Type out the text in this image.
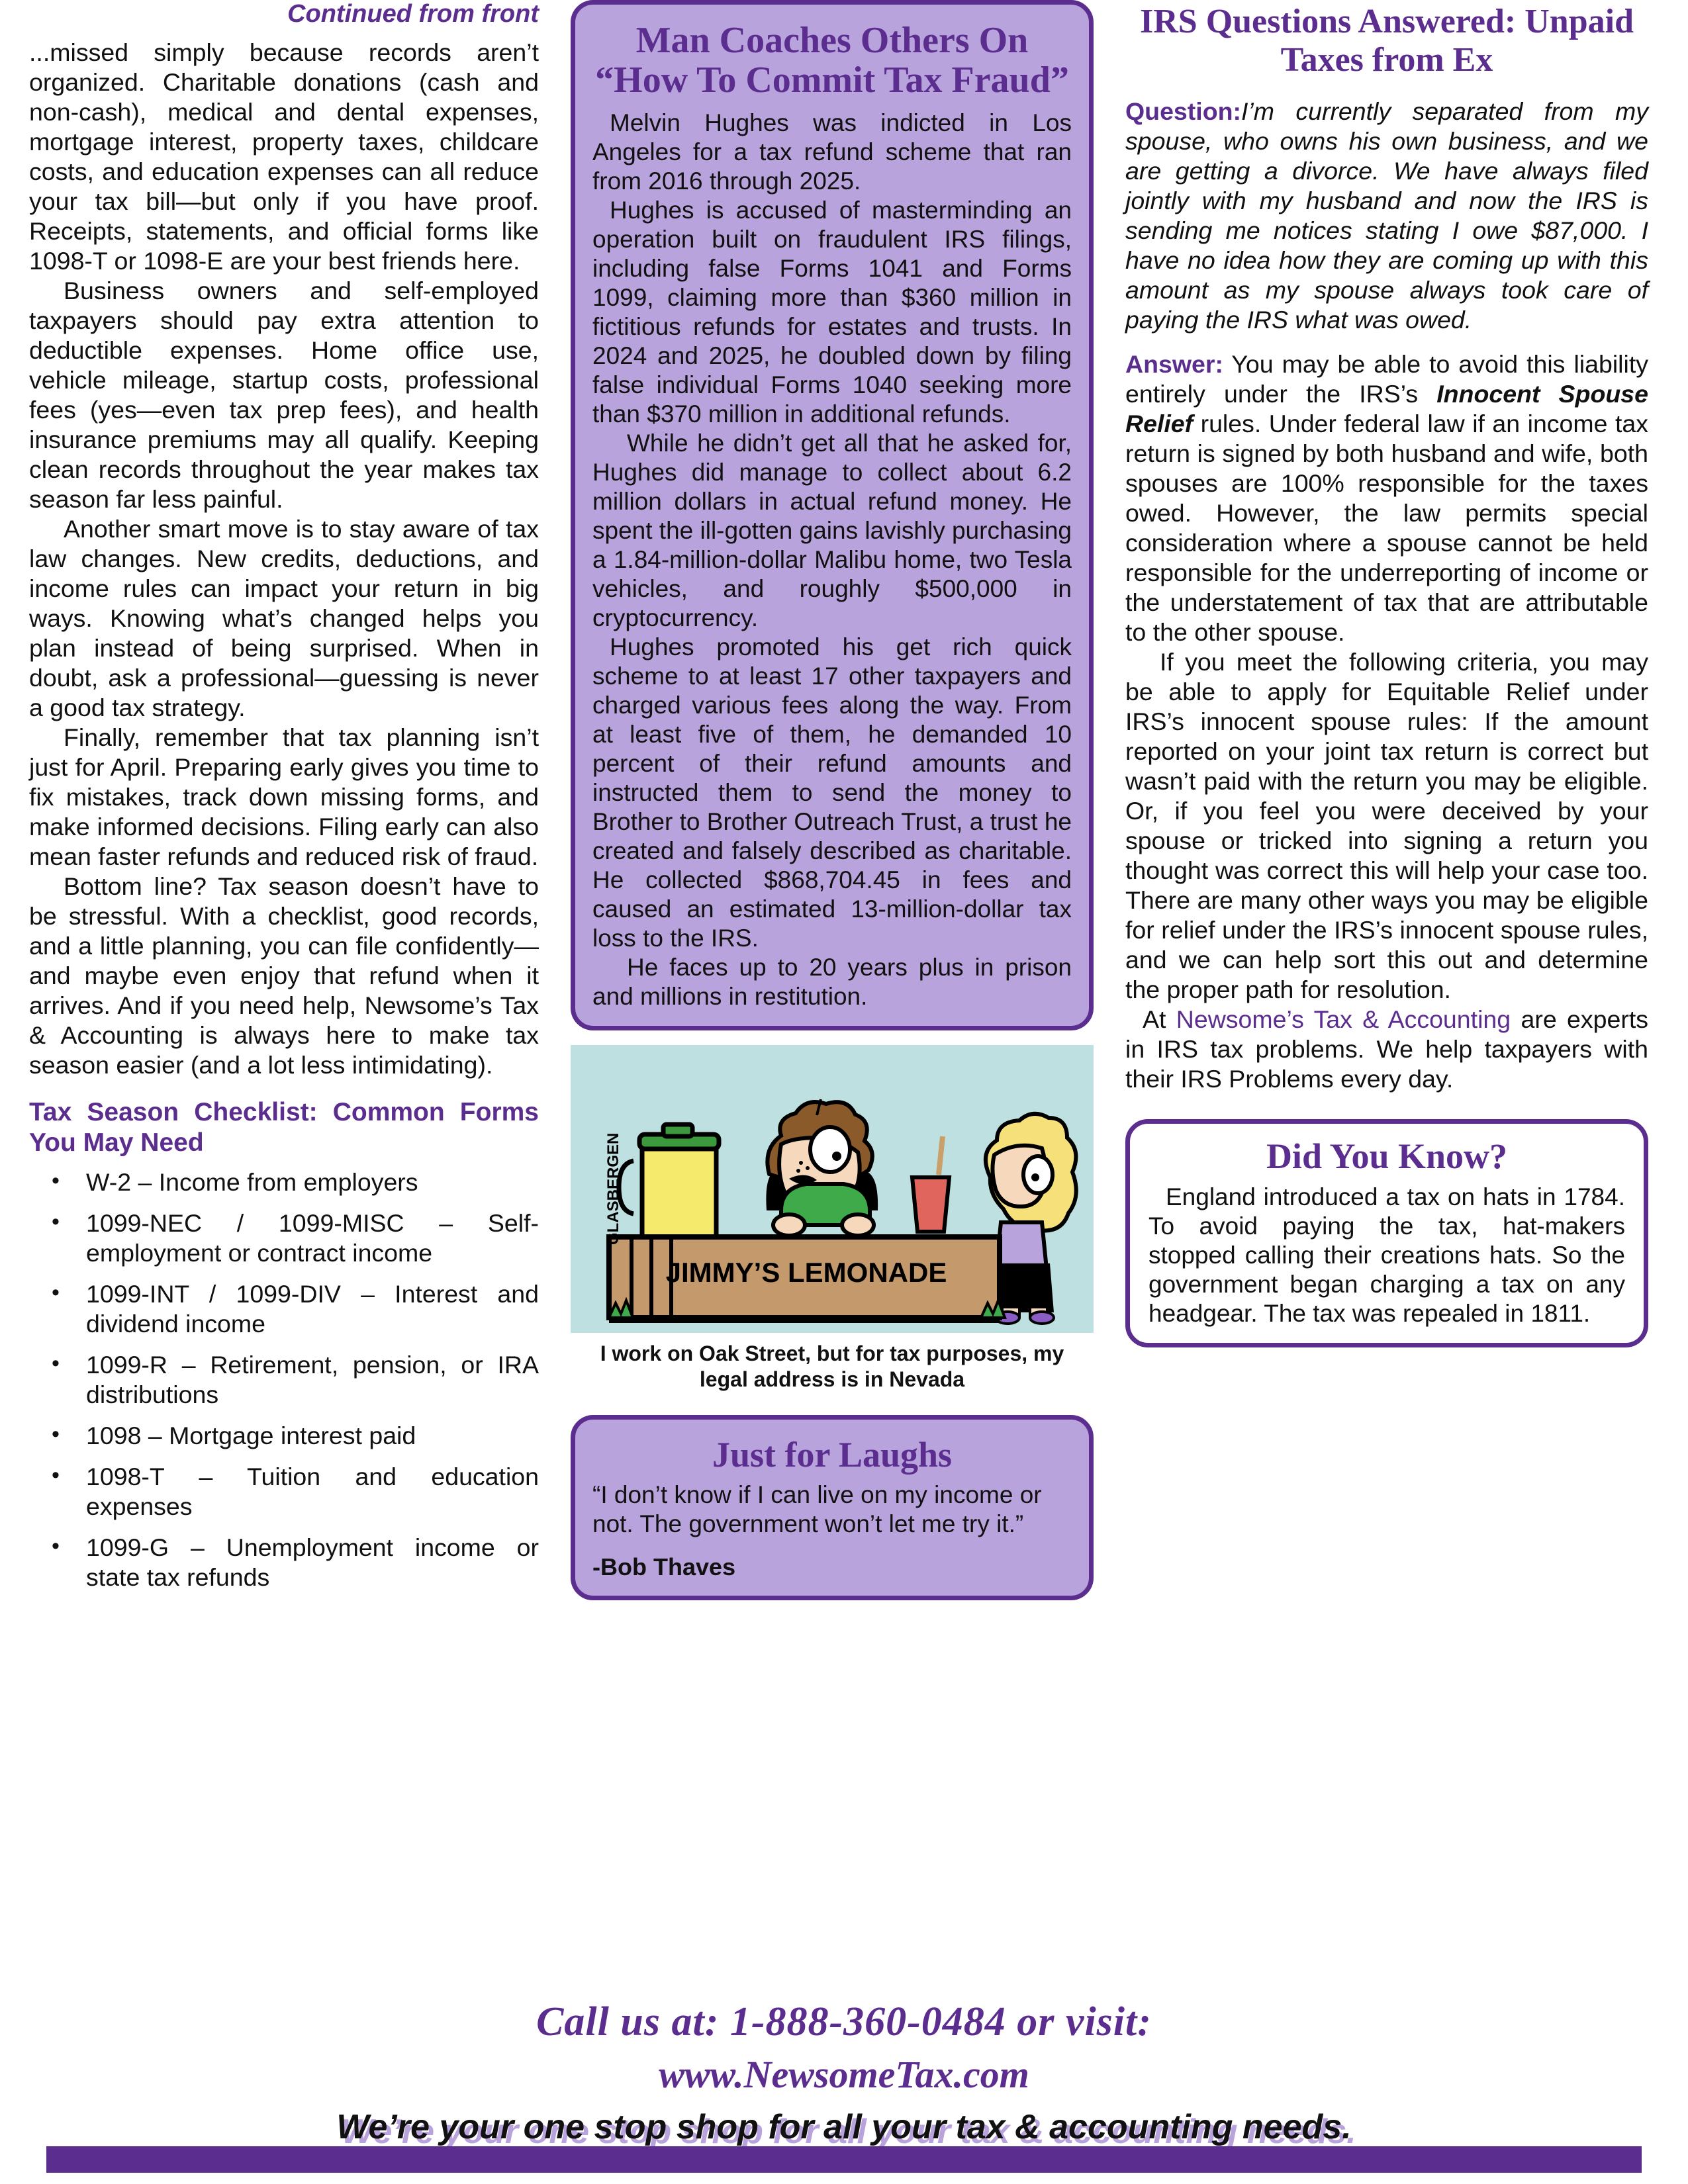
Continued from front

...missed simply because records aren’t organized. Charitable donations (cash and non-cash), medical and dental expenses, mortgage interest, property taxes, childcare costs, and education expenses can all reduce your tax bill—but only if you have proof. Receipts, statements, and official forms like 1098-T or 1098-E are your best friends here.

Business owners and self-employed taxpayers should pay extra attention to deductible expenses. Home office use, vehicle mileage, startup costs, professional fees (yes—even tax prep fees), and health insurance premiums may all qualify. Keeping clean records throughout the year makes tax season far less painful.

Another smart move is to stay aware of tax law changes. New credits, deductions, and income rules can impact your return in big ways. Knowing what’s changed helps you plan instead of being surprised. When in doubt, ask a professional—guessing is never a good tax strategy.

Finally, remember that tax planning isn’t just for April. Preparing early gives you time to fix mistakes, track down missing forms, and make informed decisions. Filing early can also mean faster refunds and reduced risk of fraud.

Bottom line? Tax season doesn’t have to be stressful. With a checklist, good records, and a little planning, you can file confidently—and maybe even enjoy that refund when it arrives. And if you need help, Newsome’s Tax & Accounting is always here to make tax season easier (and a lot less intimidating).

Tax Season Checklist: Common Forms You May Need
• W-2 – Income from employers
• 1099-NEC / 1099-MISC – Self-employment or contract income
• 1099-INT / 1099-DIV – Interest and dividend income
• 1099-R – Retirement, pension, or IRA distributions
• 1098 – Mortgage interest paid
• 1098-T – Tuition and education expenses
• 1099-G – Unemployment income or state tax refunds
Man Coaches Others On “How To Commit Tax Fraud”

Melvin Hughes was indicted in Los Angeles for a tax refund scheme that ran from 2016 through 2025.

Hughes is accused of masterminding an operation built on fraudulent IRS filings, including false Forms 1041 and Forms 1099, claiming more than $360 million in fictitious refunds for estates and trusts. In 2024 and 2025, he doubled down by filing false individual Forms 1040 seeking more than $370 million in additional refunds.

While he didn’t get all that he asked for, Hughes did manage to collect about 6.2 million dollars in actual refund money. He spent the ill-gotten gains lavishly purchasing a 1.84-million-dollar Malibu home, two Tesla vehicles, and roughly $500,000 in cryptocurrency.

Hughes promoted his get rich quick scheme to at least 17 other taxpayers and charged various fees along the way. From at least five of them, he demanded 10 percent of their refund amounts and instructed them to send the money to Brother to Brother Outreach Trust, a trust he created and falsely described as charitable. He collected $868,704.45 in fees and caused an estimated 13-million-dollar tax loss to the IRS.

He faces up to 20 years plus in prison and millions in restitution.

JIMMY’S LEMONADE
GLASBERGEN
I work on Oak Street, but for tax purposes, my legal address is in Nevada
Just for Laughs

“I don’t know if I can live on my income or not. The government won’t let me try it.”

-Bob Thaves
IRS Questions Answered: Unpaid Taxes from Ex

Question:I’m currently separated from my spouse, who owns his own business, and we are getting a divorce. We have always filed jointly with my husband and now the IRS is sending me notices stating I owe $87,000. I have no idea how they are coming up with this amount as my spouse always took care of paying the IRS what was owed.

Answer: You may be able to avoid this liability entirely under the IRS’s Innocent Spouse Relief rules. Under federal law if an income tax return is signed by both husband and wife, both spouses are 100% responsible for the taxes owed. However, the law permits special consideration where a spouse cannot be held responsible for the underreporting of income or the understatement of tax that are attributable to the other spouse.

If you meet the following criteria, you may be able to apply for Equitable Relief under IRS’s innocent spouse rules: If the amount reported on your joint tax return is correct but wasn’t paid with the return you may be eligible. Or, if you feel you were deceived by your spouse or tricked into signing a return you thought was correct this will help your case too. There are many other ways you may be eligible for relief under the IRS’s innocent spouse rules, and we can help sort this out and determine the proper path for resolution.

At Newsome’s Tax & Accounting are experts in IRS tax problems. We help taxpayers with their IRS Problems every day.

Did You Know?

England introduced a tax on hats in 1784. To avoid paying the tax, hat-makers stopped calling their creations hats. So the government began charging a tax on any headgear. The tax was repealed in 1811.

Call us at: 1-888-360-0484 or visit:
www.NewsomeTax.com
We’re your one stop shop for all your tax & accounting needs.
